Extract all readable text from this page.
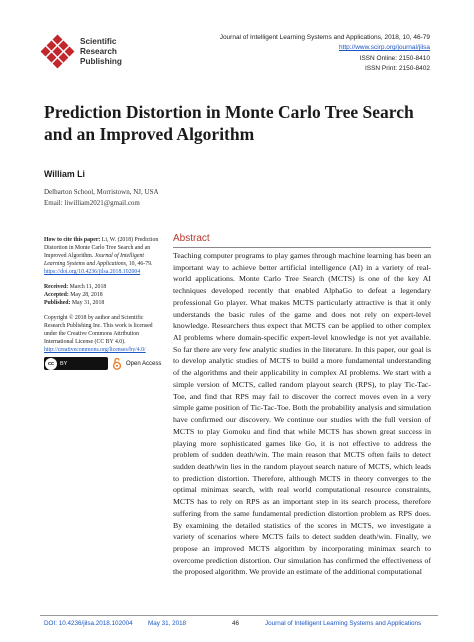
Scientific
Research
Publishing
Journal of Intelligent Learning Systems and Applications, 2018, 10, 46-79
http://www.scirp.org/journal/jilsa
ISSN Online: 2150-8410
ISSN Print: 2150-8402
Prediction Distortion in Monte Carlo Tree Search and an Improved Algorithm
William Li
Delbarton School, Morristown, NJ, USA
Email: liwilliam2021@gmail.com
How to cite this paper: Li, W. (2018) Prediction Distortion in Monte Carlo Tree Search and an Improved Algorithm. Journal of Intelligent Learning Systems and Applications, 10, 46-79.
https://doi.org/10.4236/jilsa.2018.102004
Received: March 11, 2018
Accepted: May 28, 2018
Published: May 31, 2018
Copyright © 2018 by author and Scientific Research Publishing Inc. This work is licensed under the Creative Commons Attribution International License (CC BY 4.0).
http://creativecommons.org/licenses/by/4.0/
cc	BY	Open Access
Abstract
Teaching computer programs to play games through machine learning has been an important way to achieve better artificial intelligence (AI) in a variety of real-world applications. Monte Carlo Tree Search (MCTS) is one of the key AI techniques developed recently that enabled AlphaGo to defeat a legendary professional Go player. What makes MCTS particularly attractive is that it only understands the basic rules of the game and does not rely on expert-level knowledge. Researchers thus expect that MCTS can be applied to other complex AI problems where domain-specific expert-level knowledge is not yet available. So far there are very few analytic studies in the literature. In this paper, our goal is to develop analytic studies of MCTS to build a more fundamental understanding of the algorithms and their applicability in complex AI problems. We start with a simple version of MCTS, called random playout search (RPS), to play Tic-Tac-Toe, and find that RPS may fail to discover the correct moves even in a very simple game position of Tic-Tac-Toe. Both the probability analysis and simulation have confirmed our discovery. We continue our studies with the full version of MCTS to play Gomoku and find that while MCTS has shown great success in playing more sophisticated games like Go, it is not effective to address the problem of sudden death/win. The main reason that MCTS often fails to detect sudden death/win lies in the random playout search nature of MCTS, which leads to prediction distortion. Therefore, although MCTS in theory converges to the optimal minimax search, with real world computational resource constraints, MCTS has to rely on RPS as an important step in its search process, therefore suffering from the same fundamental prediction distortion problem as RPS does. By examining the detailed statistics of the scores in MCTS, we investigate a variety of scenarios where MCTS fails to detect sudden death/win. Finally, we propose an improved MCTS algorithm by incorporating minimax search to overcome prediction distortion. Our simulation has confirmed the effectiveness of the proposed algorithm. We provide an estimate of the additional computational
DOI: 10.4236/jilsa.2018.102004 May 31, 2018	46	Journal of Intelligent Learning Systems and Applications
